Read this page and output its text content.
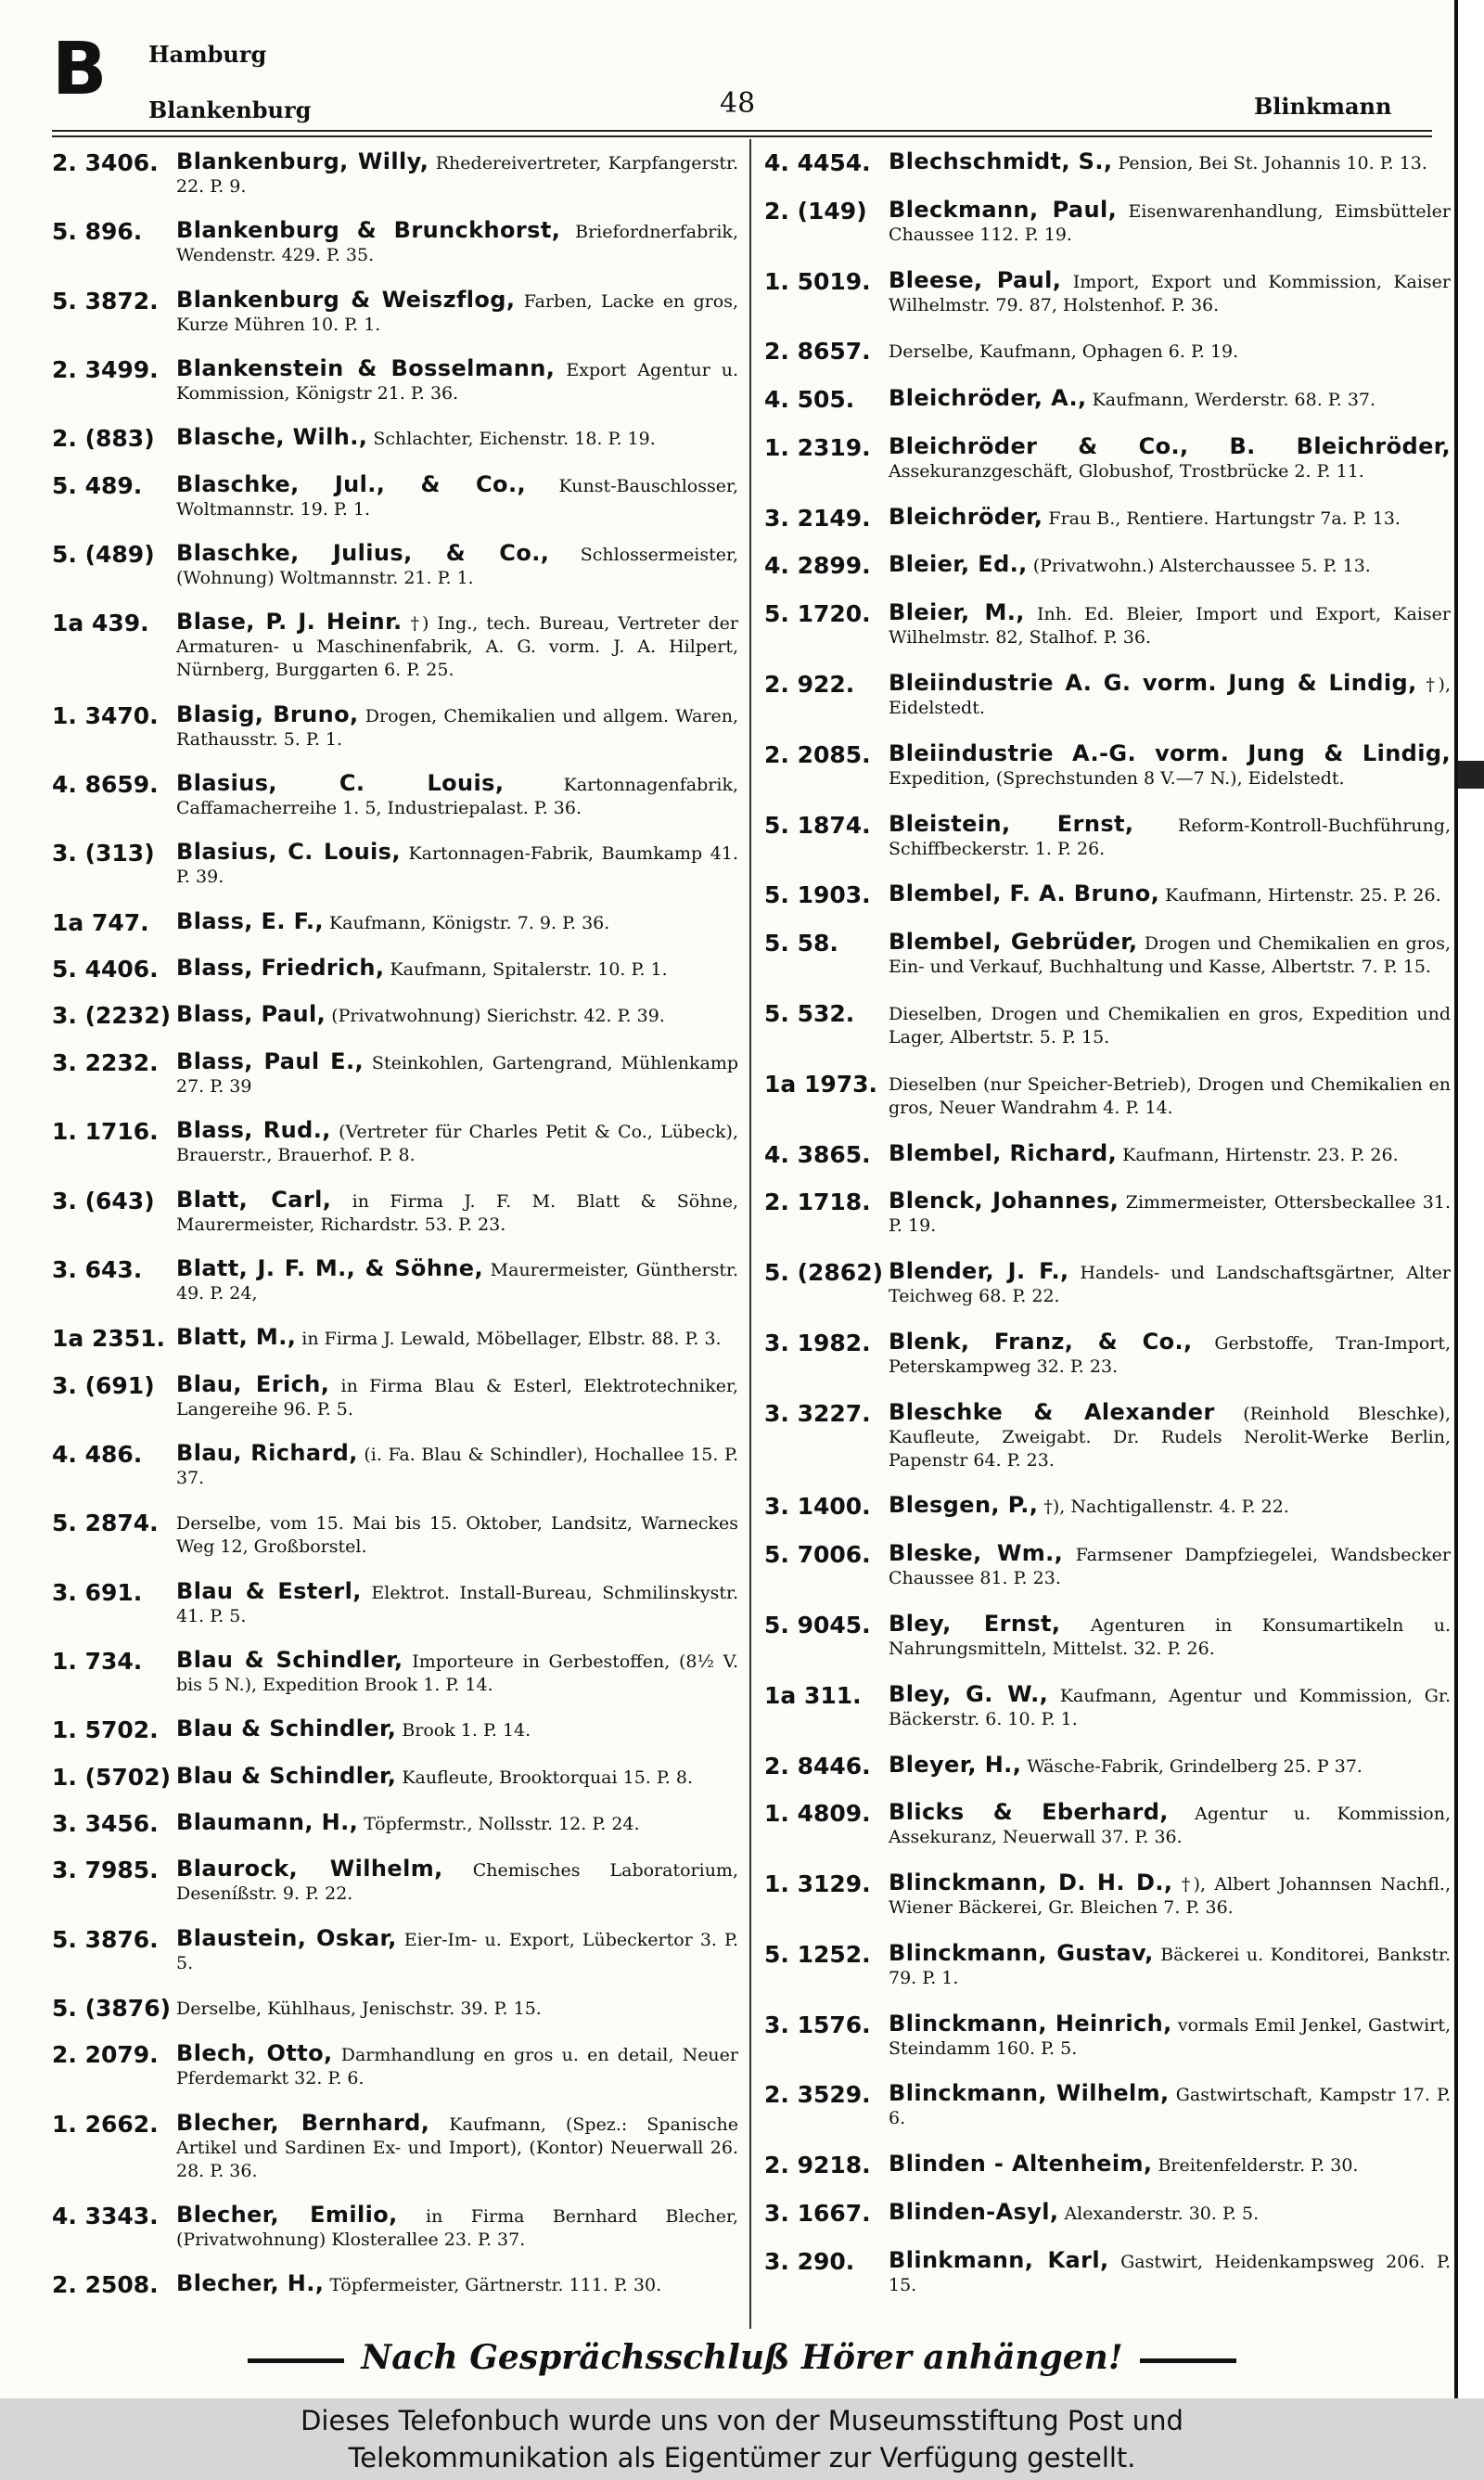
B Hamburg
Blankenburg	48	Blinkmann
2. 3406. Blankenburg, Willy, Rhedereivertreter, Karpfangerstr. 22. P. 9.
5. 896.	Blankenburg & Brunckhorst, Briefordnerfabrik, Wendenstr. 429. P. 35.
5. 3872. Blankenburg & Weiszflog, Farben, Lacke en gros, Kurze Mühren 10. P. 1.
2. 3499. Blankenstein & Bosselmann, Export Agentur u. Kommission, Königstr 21. P. 36.
2. (883) Blasche, Wilh., Schlachter, Eichenstr. 18. P. 19.
5. 489.	Blaschke, Jul., & Co., Kunst-Bauschlosser, Woltmannstr. 19. P. 1.
5. (489) Blaschke, Julius, & Co., Schlossermeister, (Wohnung) Woltmannstr. 21. P. 1.
1a 439.	Blase, P. J. Heinr. †) Ing., tech. Bureau, Vertreter der Armaturen- u Maschinenfabrik, A. G. vorm. J. A. Hilpert, Nürnberg, Burggarten 6. P. 25.
1. 3470. Blasig, Bruno, Drogen, Chemikalien und allgem. Waren, Rathausstr. 5. P. 1.
4. 8659. Blasius, C. Louis,	Kartonnagenfabrik, Caffamacherreihe 1. 5, Industriepalast. P. 36.
3. (313) Blasius, C. Louis, Kartonnagen-Fabrik, Baumkamp 41. P. 39.
1a 747.	Blass, E. F., Kaufmann, Königstr. 7. 9. P. 36.
5. 4406. Blass, Friedrich, Kaufmann, Spitalerstr. 10. P. 1.
3. (2232) Blass, Paul, (Privatwohnung) Sierichstr. 42. P. 39.
3. 2232. Blass, Paul E., Steinkohlen, Gartengrand, Mühlenkamp 27. P. 39
1. 1716. Blass, Rud., (Vertreter für Charles Petit & Co., Lübeck), Brauerstr., Brauerhof. P. 8.
3. (643) Blatt, Carl, in Firma J. F. M. Blatt & Söhne, Maurermeister, Richardstr. 53. P. 23.
3. 643.	Blatt, J. F. M., & Söhne, Maurermeister, Güntherstr. 49. P. 24,
1a 2351. Blatt, M., in Firma J. Lewald, Möbellager, Elbstr. 88. P. 3.
3. (691) Blau, Erich, in Firma Blau & Esterl, Elektrotechniker, Langereihe 96. P. 5.
4. 486.	Blau, Richard, (i. Fa. Blau & Schindler), Hochallee 15. P. 37.
5. 2874.	Derselbe, vom 15. Mai bis 15. Oktober, Landsitz, Warneckes Weg 12, Großborstel.
3. 691.	Blau & Esterl, Elektrot. Install-Bureau, Schmilinskystr. 41. P. 5.
1. 734.	Blau & Schindler, Importeure in Gerbestoffen, (8½ V. bis 5 N.), Expedition Brook 1. P. 14.
1. 5702. Blau & Schindler, Brook 1. P. 14.
1. (5702) Blau & Schindler, Kaufleute, Brooktorquai 15. P. 8.
3. 3456. Blaumann, H., Töpfermstr., Nollsstr. 12. P. 24.
3. 7985. Blaurock, Wilhelm, Chemisches Laboratorium, Deseníßstr. 9. P. 22.
5. 3876. Blaustein, Oskar, Eier-Im- u. Export, Lübeckertor 3. P. 5.
5. (3876) Derselbe, Kühlhaus, Jenischstr. 39. P. 15.
2. 2079. Blech, Otto, Darmhandlung en gros u. en detail, Neuer Pferdemarkt 32. P. 6.
1. 2662. Blecher, Bernhard, Kaufmann, (Spez.: Spanische Artikel und Sardinen Ex- und Import), (Kontor) Neuerwall 26. 28. P. 36.
4. 3343. Blecher, Emilio, in Firma Bernhard Blecher, (Privatwohnung) Klosterallee 23. P. 37.
2. 2508. Blecher, H., Töpfermeister, Gärtnerstr. 111. P. 30.
4. 4454. Blechschmidt, S., Pension, Bei St. Johannis 10. P. 13.
2. (149) Bleckmann, Paul, Eisenwarenhandlung, Eimsbütteler Chaussee 112. P. 19.
1. 5019. Bleese, Paul, Import, Export und Kommission, Kaiser Wilhelmstr. 79. 87, Holstenhof. P. 36.
2. 8657.	Derselbe, Kaufmann, Ophagen 6. P. 19.
4. 505.	Bleichröder, A., Kaufmann, Werderstr. 68. P. 37.
1. 2319. Bleichröder & Co., B. Bleichröder, Assekuranzgeschäft, Globushof, Trostbrücke 2. P. 11.
3. 2149. Bleichröder, Frau B., Rentiere. Hartungstr 7a. P. 13.
4. 2899. Bleier, Ed., (Privatwohn.) Alsterchaussee 5. P. 13.
5. 1720. Bleier, M., Inh. Ed. Bleier, Import und Export, Kaiser Wilhelmstr. 82, Stalhof. P. 36.
2. 922.	Bleiindustrie A. G. vorm. Jung & Lindig, †), Eidelstedt.
2. 2085. Bleiindustrie A.-G. vorm. Jung & Lindig, Expedition, (Sprechstunden 8 V.—7 N.), Eidelstedt.
5. 1874. Bleistein, Ernst,	Reform-Kontroll-Buchführung, Schiffbeckerstr. 1. P. 26.
5. 1903. Blembel, F. A. Bruno, Kaufmann, Hirtenstr. 25. P. 26.
5. 58.	Blembel, Gebrüder, Drogen und Chemikalien en gros, Ein- und Verkauf, Buchhaltung und Kasse, Albertstr. 7. P. 15.
5. 532.	Dieselben, Drogen und Chemikalien en gros, Expedition und Lager, Albertstr. 5. P. 15.
1a 1973. Dieselben (nur Speicher-Betrieb), Drogen und Chemikalien en gros, Neuer Wandrahm 4. P. 14.
4. 3865. Blembel, Richard, Kaufmann, Hirtenstr. 23. P. 26.
2. 1718. Blenck, Johannes, Zimmermeister, Ottersbeckallee 31. P. 19.
5. (2862) Blender, J. F., Handels- und Landschaftsgärtner, Alter Teichweg 68. P. 22.
3. 1982. Blenk, Franz, & Co., Gerbstoffe, Tran-Import, Peterskampweg 32. P. 23.
3. 3227. Bleschke & Alexander (Reinhold Bleschke), Kaufleute, Zweigabt. Dr. Rudels Nerolit-Werke Berlin, Papenstr 64. P. 23.
3. 1400. Blesgen, P., †), Nachtigallenstr. 4. P. 22.
5. 7006. Bleske, Wm., Farmsener Dampfziegelei, Wandsbecker Chaussee 81. P. 23.
5. 9045. Bley, Ernst, Agenturen in Konsumartikeln u. Nahrungsmitteln, Mittelst. 32. P. 26.
1a 311.	Bley, G. W., Kaufmann, Agentur und Kommission, Gr. Bäckerstr. 6. 10. P. 1.
2. 8446. Bleyer, H., Wäsche-Fabrik, Grindelberg 25. P 37.
1. 4809. Blicks & Eberhard, Agentur u. Kommission, Assekuranz, Neuerwall 37. P. 36.
1. 3129. Blinckmann, D. H. D., †), Albert Johannsen Nachfl., Wiener Bäckerei, Gr. Bleichen 7. P. 36.
5. 1252. Blinckmann, Gustav, Bäckerei u. Konditorei, Bankstr. 79. P. 1.
3. 1576. Blinckmann, Heinrich, vormals Emil Jenkel, Gastwirt, Steindamm 160. P. 5.
2. 3529. Blinckmann, Wilhelm, Gastwirtschaft, Kampstr 17. P. 6.
2. 9218. Blinden - Altenheim, Breitenfelderstr. P. 30.
3. 1667. Blinden-Asyl, Alexanderstr. 30. P. 5.
3. 290.	Blinkmann, Karl, Gastwirt, Heidenkampsweg 206. P. 15.
Nach Gesprächsschluß Hörer anhängen!
Dieses Telefonbuch wurde uns von der Museumsstiftung Post und
Telekommunikation als Eigentümer zur Verfügung gestellt.
